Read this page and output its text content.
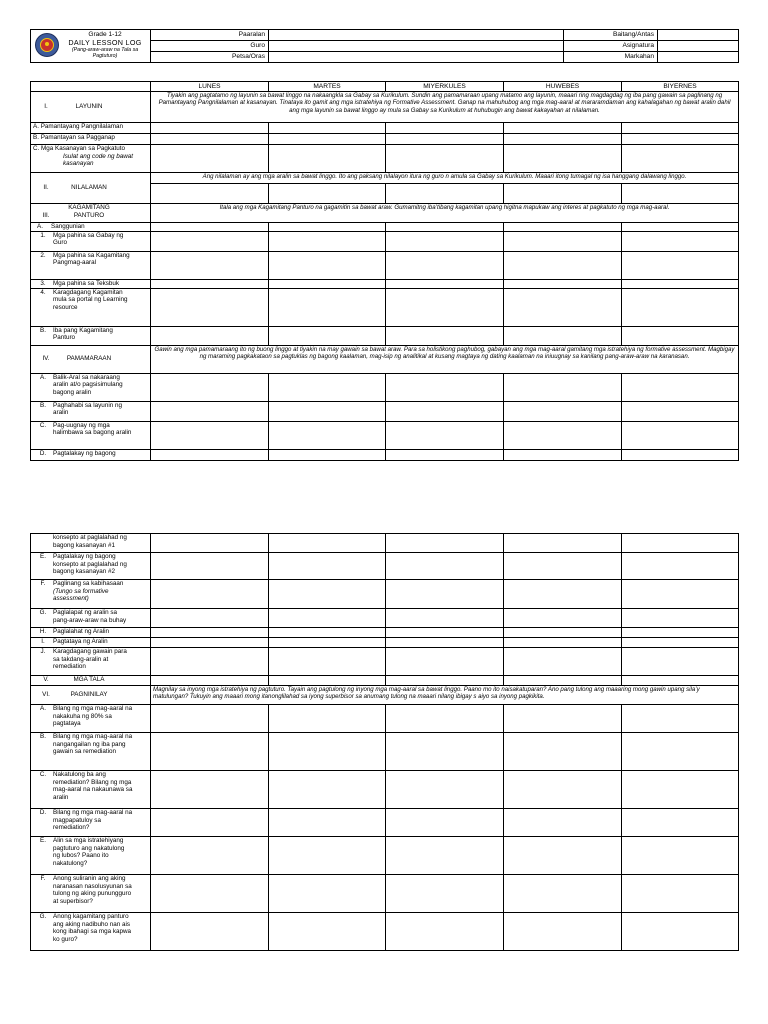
Grade 1-12
DAILY LESSON LOG
(Pang-araw-araw na Tala sa Pagtuturo)	Paaralan		Baitang/Antas	
	Guro		Asignatura	
	Petsa/Oras		Markahan	
	LUNES	MARTES	MIYERKULES	HUWEBES	BIYERNES
I. LAYUNIN	Tiyakin ang pagtatamo ng layunin sa bawat linggo na nakaangkla sa Gabay sa Kurikulum. Sundin ang pamamaraan upang matamo ang layunin, maaari ring magdagdag ng iba pang gawain sa paglinang ng Pamantayang Pangnilalaman at kasanayan. Tinataya ito gamit ang mga istratehiya ng Formative Assessment. Ganap na mahuhubog ang mga mag-aaral at mararamdaman ang kahalagahan ng bawat aralin dahil ang mga layunin sa bawat linggo ay mula sa Gabay sa Kurikulum at huhubugin ang bawat kakayahan at nilalaman.				
A. Pamantayang Pangnilalaman					
B. Pamantayan sa Pagganap					

C. Mga Kasanayan sa Pagkatuto
Isulat ang code ng bawat kasanayan					

II. NILALAMAN	Ang nilalaman ay ang mga aralin sa bawat linggo. Ito ang paksang nilalayon itura ng guro n amula sa Gabay sa Kurikulum. Maaari itong tumagal ng isa hanggang dalawang linggo.				

III.KAGAMITANG PANTURO	Itala ang mga Kagamitang Panturo na gagamitin sa bawat araw. Gumamitng iba’tibang kagamitan upang higitna mapukaw ang interes at pagkatuto ng mga mag-aaral.				
A. Sanggunian					
1. Mga pahina sa Gabay ng Guro					
2. Mga pahina sa Kagamitang Pangmag-aaral					
3. Mga pahina sa Teksbuk					
4. Karagdagang Kagamitan mula sa portal ng Learning resource					
B. Iba pang Kagamitang Panturo					
IV. PAMAMARAAN	Gawin ang mga pamamaraang ito ng buong linggo at tiyakin na may gawain sa bawat araw. Para sa holistikong paghubog, gabayan ang mga mag-aaral gamitang mga istratehiya ng formative assessment. Magbigay ng maraming pagkakataon sa pagtuklas ng bagong kaalaman, mag-isip ng analitikal at kusang magtaya ng dating kaalaman na iniuugnay sa kanilang pang-araw-araw na karanasan.				
A. Balik-Aral sa nakaraang aralin at/o pagsisimulang bagong aralin					
B. Paghahabi sa layunin ng aralin					
C. Pag-uugnay ng mga halimbawa sa bagong aralin					
D. Pagtalakay ng bagong					
konsepto at paglalahad ng bagong kasanayan #1					
E. Pagtalakay ng bagong konsepto at paglalahad ng bagong kasanayan #2					
F. Paglinang sa kabihasaan
(Tungo sa formative assessment)					
G. Paglalapat ng aralin sa pang-araw-araw na buhay					
H. Paglalahat ng Aralin					
I. Pagtataya ng Aralin					
J. Karagdagang gawain para sa takdang-aralin at remediation					
V. MGA TALA					
VI. PAGNINILAY	Magnilay sa inyong mga istratehiya ng pagtuturo. Tayain ang pagtulong ng inyong mga mag-aaral sa bawat linggo. Paano mo ito naisakatuparan? Ano pang tulong ang maaaring mong gawin upang sila’y matulungan? Tukuyin ang maaari mong itanonglilahad sa iyong superbisor sa anumang tulong na maaari nilang ibigay s aiyo sa inyong pagkikita.				
A. Bilang ng mga mag-aaral na nakakuha ng 80% sa pagtataya					
B. Bilang ng mga mag-aaral na nangangailan ng iba pang gawain sa remediation					
C. Nakatulong ba ang remediation? Bilang ng mga mag-aaral na nakaunawa sa aralin					
D. Bilang ng mga mag-aaral na magpapatuloy sa remediation?					
E. Alin sa mga istratehiyang pagtuturo ang nakatulong ng lubos? Paano ito nakatulong?					
F. Anong suliranin ang aking naranasan nasolusyunan sa tulong ng aking punungguro at superbisor?					
G. Anong kagamitang panturo ang aking nadibuho nan ais kong ibahagi sa mga kapwa ko guro?					
